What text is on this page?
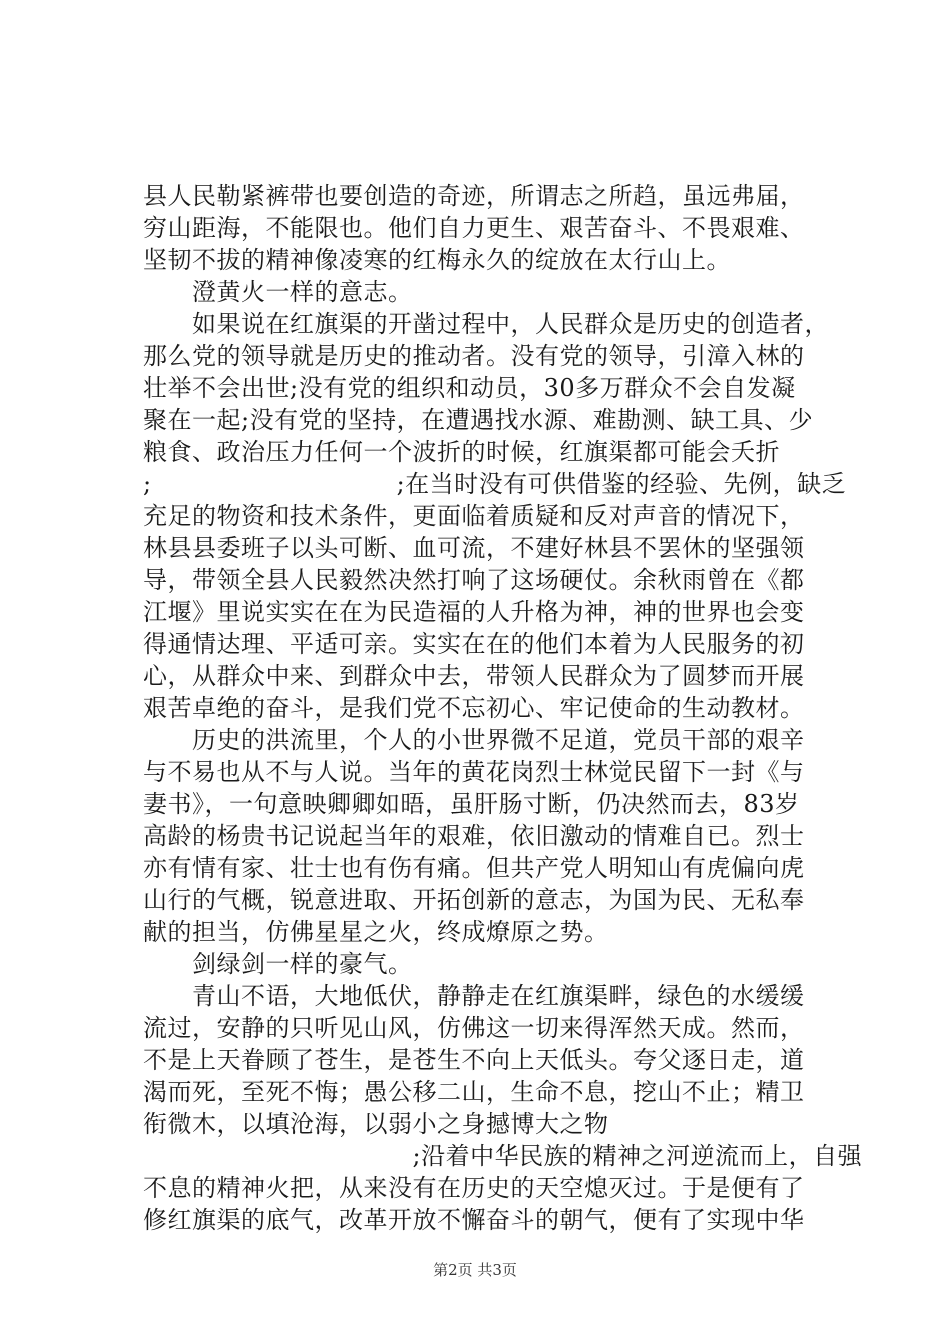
县人民勒紧裤带也要创造的奇迹，所谓志之所趋，虽远弗届，
穷山距海，不能限也。他们自力更生、艰苦奋斗、不畏艰难、
坚韧不拔的精神像凌寒的红梅永久的绽放在太行山上。
　　澄黄火一样的意志。
　　如果说在红旗渠的开凿过程中，人民群众是历史的创造者，
那么党的领导就是历史的推动者。没有党的领导，引漳入林的
壮举不会出世;没有党的组织和动员，30多万群众不会自发凝
聚在一起;没有党的坚持，在遭遇找水源、难勘测、缺工具、少
粮食、政治压力任何一个波折的时候，红旗渠都可能会夭折
;　　　　　　　　　　;在当时没有可供借鉴的经验、先例，缺乏
充足的物资和技术条件，更面临着质疑和反对声音的情况下，
林县县委班子以头可断、血可流，不建好林县不罢休的坚强领
导，带领全县人民毅然决然打响了这场硬仗。余秋雨曾在《都
江堰》里说实实在在为民造福的人升格为神，神的世界也会变
得通情达理、平适可亲。实实在在的他们本着为人民服务的初
心，从群众中来、到群众中去，带领人民群众为了圆梦而开展
艰苦卓绝的奋斗，是我们党不忘初心、牢记使命的生动教材。
　　历史的洪流里，个人的小世界微不足道，党员干部的艰辛
与不易也从不与人说。当年的黄花岗烈士林觉民留下一封《与
妻书》，一句意映卿卿如晤，虽肝肠寸断，仍决然而去，83岁
高龄的杨贵书记说起当年的艰难，依旧激动的情难自已。烈士
亦有情有家、壮士也有伤有痛。但共产党人明知山有虎偏向虎
山行的气概，锐意进取、开拓创新的意志，为国为民、无私奉
献的担当，仿佛星星之火，终成燎原之势。
　　剑绿剑一样的豪气。
　　青山不语，大地低伏，静静走在红旗渠畔，绿色的水缓缓
流过，安静的只听见山风，仿佛这一切来得浑然天成。然而，
不是上天眷顾了苍生，是苍生不向上天低头。夸父逐日走，道
渴而死，至死不悔；愚公移二山，生命不息，挖山不止；精卫
衔微木，以填沧海，以弱小之身撼博大之物
　　　　　　　　　　　;沿着中华民族的精神之河逆流而上，自强
不息的精神火把，从来没有在历史的天空熄灭过。于是便有了
修红旗渠的底气，改革开放不懈奋斗的朝气，便有了实现中华
第2页 共3页
